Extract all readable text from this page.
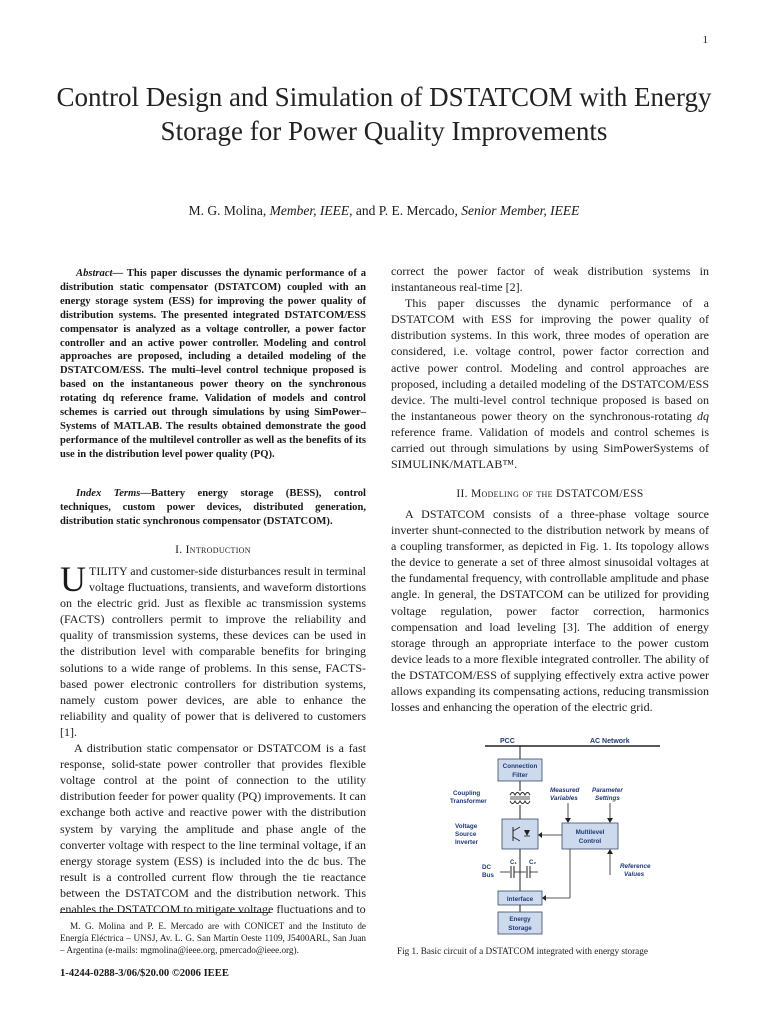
1
Control Design and Simulation of DSTATCOM with Energy Storage for Power Quality Improvements
M. G. Molina, Member, IEEE, and P. E. Mercado, Senior Member, IEEE
Abstract— This paper discusses the dynamic performance of a distribution static compensator (DSTATCOM) coupled with an energy storage system (ESS) for improving the power quality of distribution systems. The presented integrated DSTATCOM/ESS compensator is analyzed as a voltage controller, a power factor controller and an active power controller. Modeling and control approaches are proposed, including a detailed modeling of the DSTATCOM/ESS. The multi–level control technique proposed is based on the instantaneous power theory on the synchronous rotating dq reference frame. Validation of models and control schemes is carried out through simulations by using SimPower–Systems of MATLAB. The results obtained demonstrate the good performance of the multilevel controller as well as the benefits of its use in the distribution level power quality (PQ).
Index Terms—Battery energy storage (BESS), control techniques, custom power devices, distributed generation, distribution static synchronous compensator (DSTATCOM).
I. Introduction

UTILITY and customer-side disturbances result in terminal voltage fluctuations, transients, and waveform distortions on the electric grid. Just as flexible ac transmission systems (FACTS) controllers permit to improve the reliability and quality of transmission systems, these devices can be used in the distribution level with comparable benefits for bringing solutions to a wide range of problems. In this sense, FACTS-based power electronic controllers for distribution systems, namely custom power devices, are able to enhance the reliability and quality of power that is delivered to customers [1].

A distribution static compensator or DSTATCOM is a fast response, solid-state power controller that provides flexible voltage control at the point of connection to the utility distribution feeder for power quality (PQ) improvements. It can exchange both active and reactive power with the distribution system by varying the amplitude and phase angle of the converter voltage with respect to the line terminal voltage, if an energy storage system (ESS) is included into the dc bus. The result is a controlled current flow through the tie reactance between the DSTATCOM and the distribution network. This enables the DSTATCOM to mitigate voltage fluctuations and to

M. G. Molina and P. E. Mercado are with CONICET and the Instituto de Energía Eléctrica – UNSJ, Av. L. G. San Martín Oeste 1109, J5400ARL, San Juan – Argentina (e-mails: mgmolina@ieee.org, pmercado@ieee.org).
1-4244-0288-3/06/$20.00 ©2006 IEEE

correct the power factor of weak distribution systems in instantaneous real-time [2].

This paper discusses the dynamic performance of a DSTATCOM with ESS for improving the power quality of distribution systems. In this work, three modes of operation are considered, i.e. voltage control, power factor correction and active power control. Modeling and control approaches are proposed, including a detailed modeling of the DSTATCOM/ESS device. The multi-level control technique proposed is based on the instantaneous power theory on the synchronous-rotating dq reference frame. Validation of models and control schemes is carried out through simulations by using SimPowerSystems of SIMULINK/MATLAB™.

II. Modeling of the DSTATCOM/ESS

A DSTATCOM consists of a three-phase voltage source inverter shunt-connected to the distribution network by means of a coupling transformer, as depicted in Fig. 1. Its topology allows the device to generate a set of three almost sinusoidal voltages at the fundamental frequency, with controllable amplitude and phase angle. In general, the DSTATCOM can be utilized for providing voltage regulation, power factor correction, harmonics compensation and load leveling [3]. The addition of energy storage through an appropriate interface to the power custom device leads to a more flexible integrated controller. The ability of the DSTATCOM/ESS of supplying effectively extra active power allows expanding its compensating actions, reducing transmission losses and enhancing the operation of the electric grid.

PCC	AC Network
Connection
Filter
Coupling
Transformer
Measured
Variables
Parameter
Settings
Voltage
Source
Inverter
Multilevel
Control
C₁ C₂
DC
Bus
Reference
Values
Interface
Energy
Storage
Fig 1. Basic circuit of a DSTATCOM integrated with energy storage
